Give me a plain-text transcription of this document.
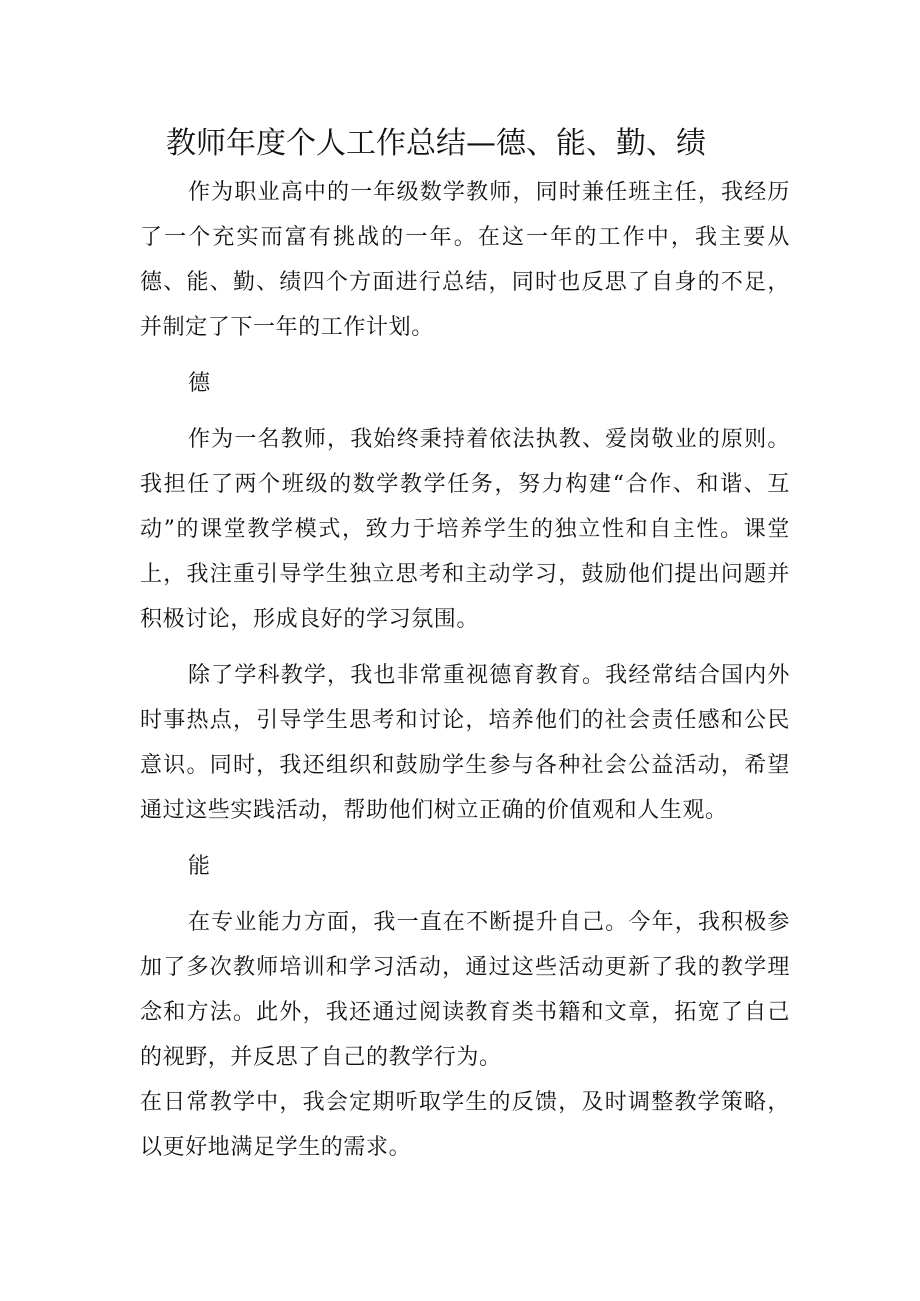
教师年度个人工作总结—德、能、勤、绩

作为职业高中的一年级数学教师，同时兼任班主任，我经历了一个充实而富有挑战的一年。在这一年的工作中，我主要从德、能、勤、绩四个方面进行总结，同时也反思了自身的不足，并制定了下一年的工作计划。

德

作为一名教师，我始终秉持着依法执教、爱岗敬业的原则。我担任了两个班级的数学教学任务，努力构建“合作、和谐、互动”的课堂教学模式，致力于培养学生的独立性和自主性。课堂上，我注重引导学生独立思考和主动学习，鼓励他们提出问题并积极讨论，形成良好的学习氛围。

除了学科教学，我也非常重视德育教育。我经常结合国内外时事热点，引导学生思考和讨论，培养他们的社会责任感和公民意识。同时，我还组织和鼓励学生参与各种社会公益活动，希望通过这些实践活动，帮助他们树立正确的价值观和人生观。

能

在专业能力方面，我一直在不断提升自己。今年，我积极参加了多次教师培训和学习活动，通过这些活动更新了我的教学理念和方法。此外，我还通过阅读教育类书籍和文章，拓宽了自己的视野，并反思了自己的教学行为。

在日常教学中，我会定期听取学生的反馈，及时调整教学策略，以更好地满足学生的需求。
